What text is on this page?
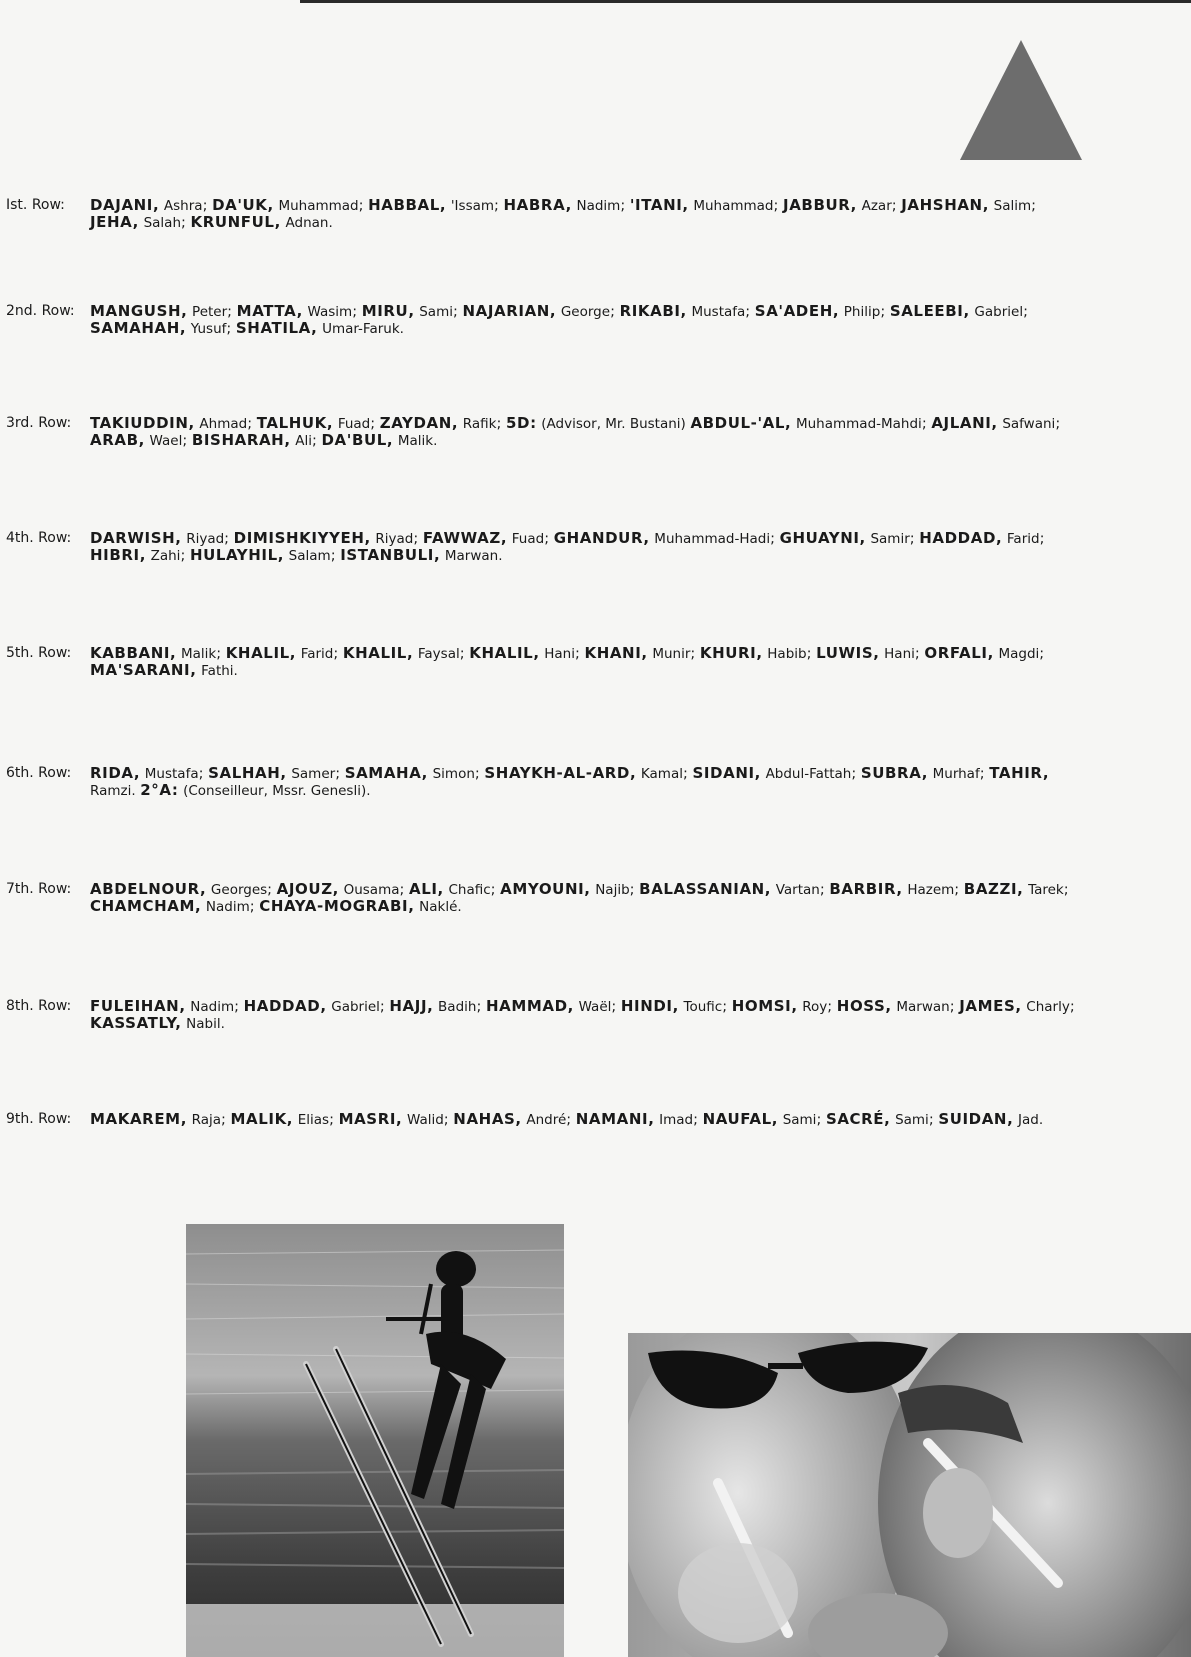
Ist. Row:	DAJANI, Ashra; DA'UK, Muhammad; HABBAL, 'Issam; HABRA, Nadim; 'ITANI, Muhammad; JABBUR, Azar; JAHSHAN, Salim; JEHA, Salah; KRUNFUL, Adnan.
2nd. Row:	MANGUSH, Peter; MATTA, Wasim; MIRU, Sami; NAJARIAN, George; RIKABI, Mustafa; SA'ADEH, Philip; SALEEBI, Gabriel; SAMAHAH, Yusuf; SHATILA, Umar-Faruk.
3rd. Row:	TAKIUDDIN, Ahmad; TALHUK, Fuad; ZAYDAN, Rafik; 5D: (Advisor, Mr. Bustani) ABDUL-'AL, Muhammad-Mahdi; AJLANI, Safwani; ARAB, Wael; BISHARAH, Ali; DA'BUL, Malik.
4th. Row:	DARWISH, Riyad; DIMISHKIYYEH, Riyad; FAWWAZ, Fuad; GHANDUR, Muhammad-Hadi; GHUAYNI, Samir; HADDAD, Farid; HIBRI, Zahi; HULAYHIL, Salam; ISTANBULI, Marwan.
5th. Row:	KABBANI, Malik; KHALIL, Farid; KHALIL, Faysal; KHALIL, Hani; KHANI, Munir; KHURI, Habib; LUWIS, Hani; ORFALI, Magdi; MA'SARANI, Fathi.
6th. Row:	RIDA, Mustafa; SALHAH, Samer; SAMAHA, Simon; SHAYKH-AL-ARD, Kamal; SIDANI, Abdul-Fattah; SUBRA, Murhaf; TAHIR, Ramzi. 2°A: (Conseilleur, Mssr. Genesli).
7th. Row:	ABDELNOUR, Georges; AJOUZ, Ousama; ALI, Chafic; AMYOUNI, Najib; BALASSANIAN, Vartan; BARBIR, Hazem; BAZZI, Tarek; CHAMCHAM, Nadim; CHAYA-MOGRABI, Naklé.
8th. Row:	FULEIHAN, Nadim; HADDAD, Gabriel; HAJJ, Badih; HAMMAD, Waël; HINDI, Toufic; HOMSI, Roy; HOSS, Marwan; JAMES, Charly; KASSATLY, Nabil.
9th. Row:	MAKAREM, Raja; MALIK, Elias; MASRI, Walid; NAHAS, André; NAMANI, Imad; NAUFAL, Sami; SACRÉ, Sami; SUIDAN, Jad.
